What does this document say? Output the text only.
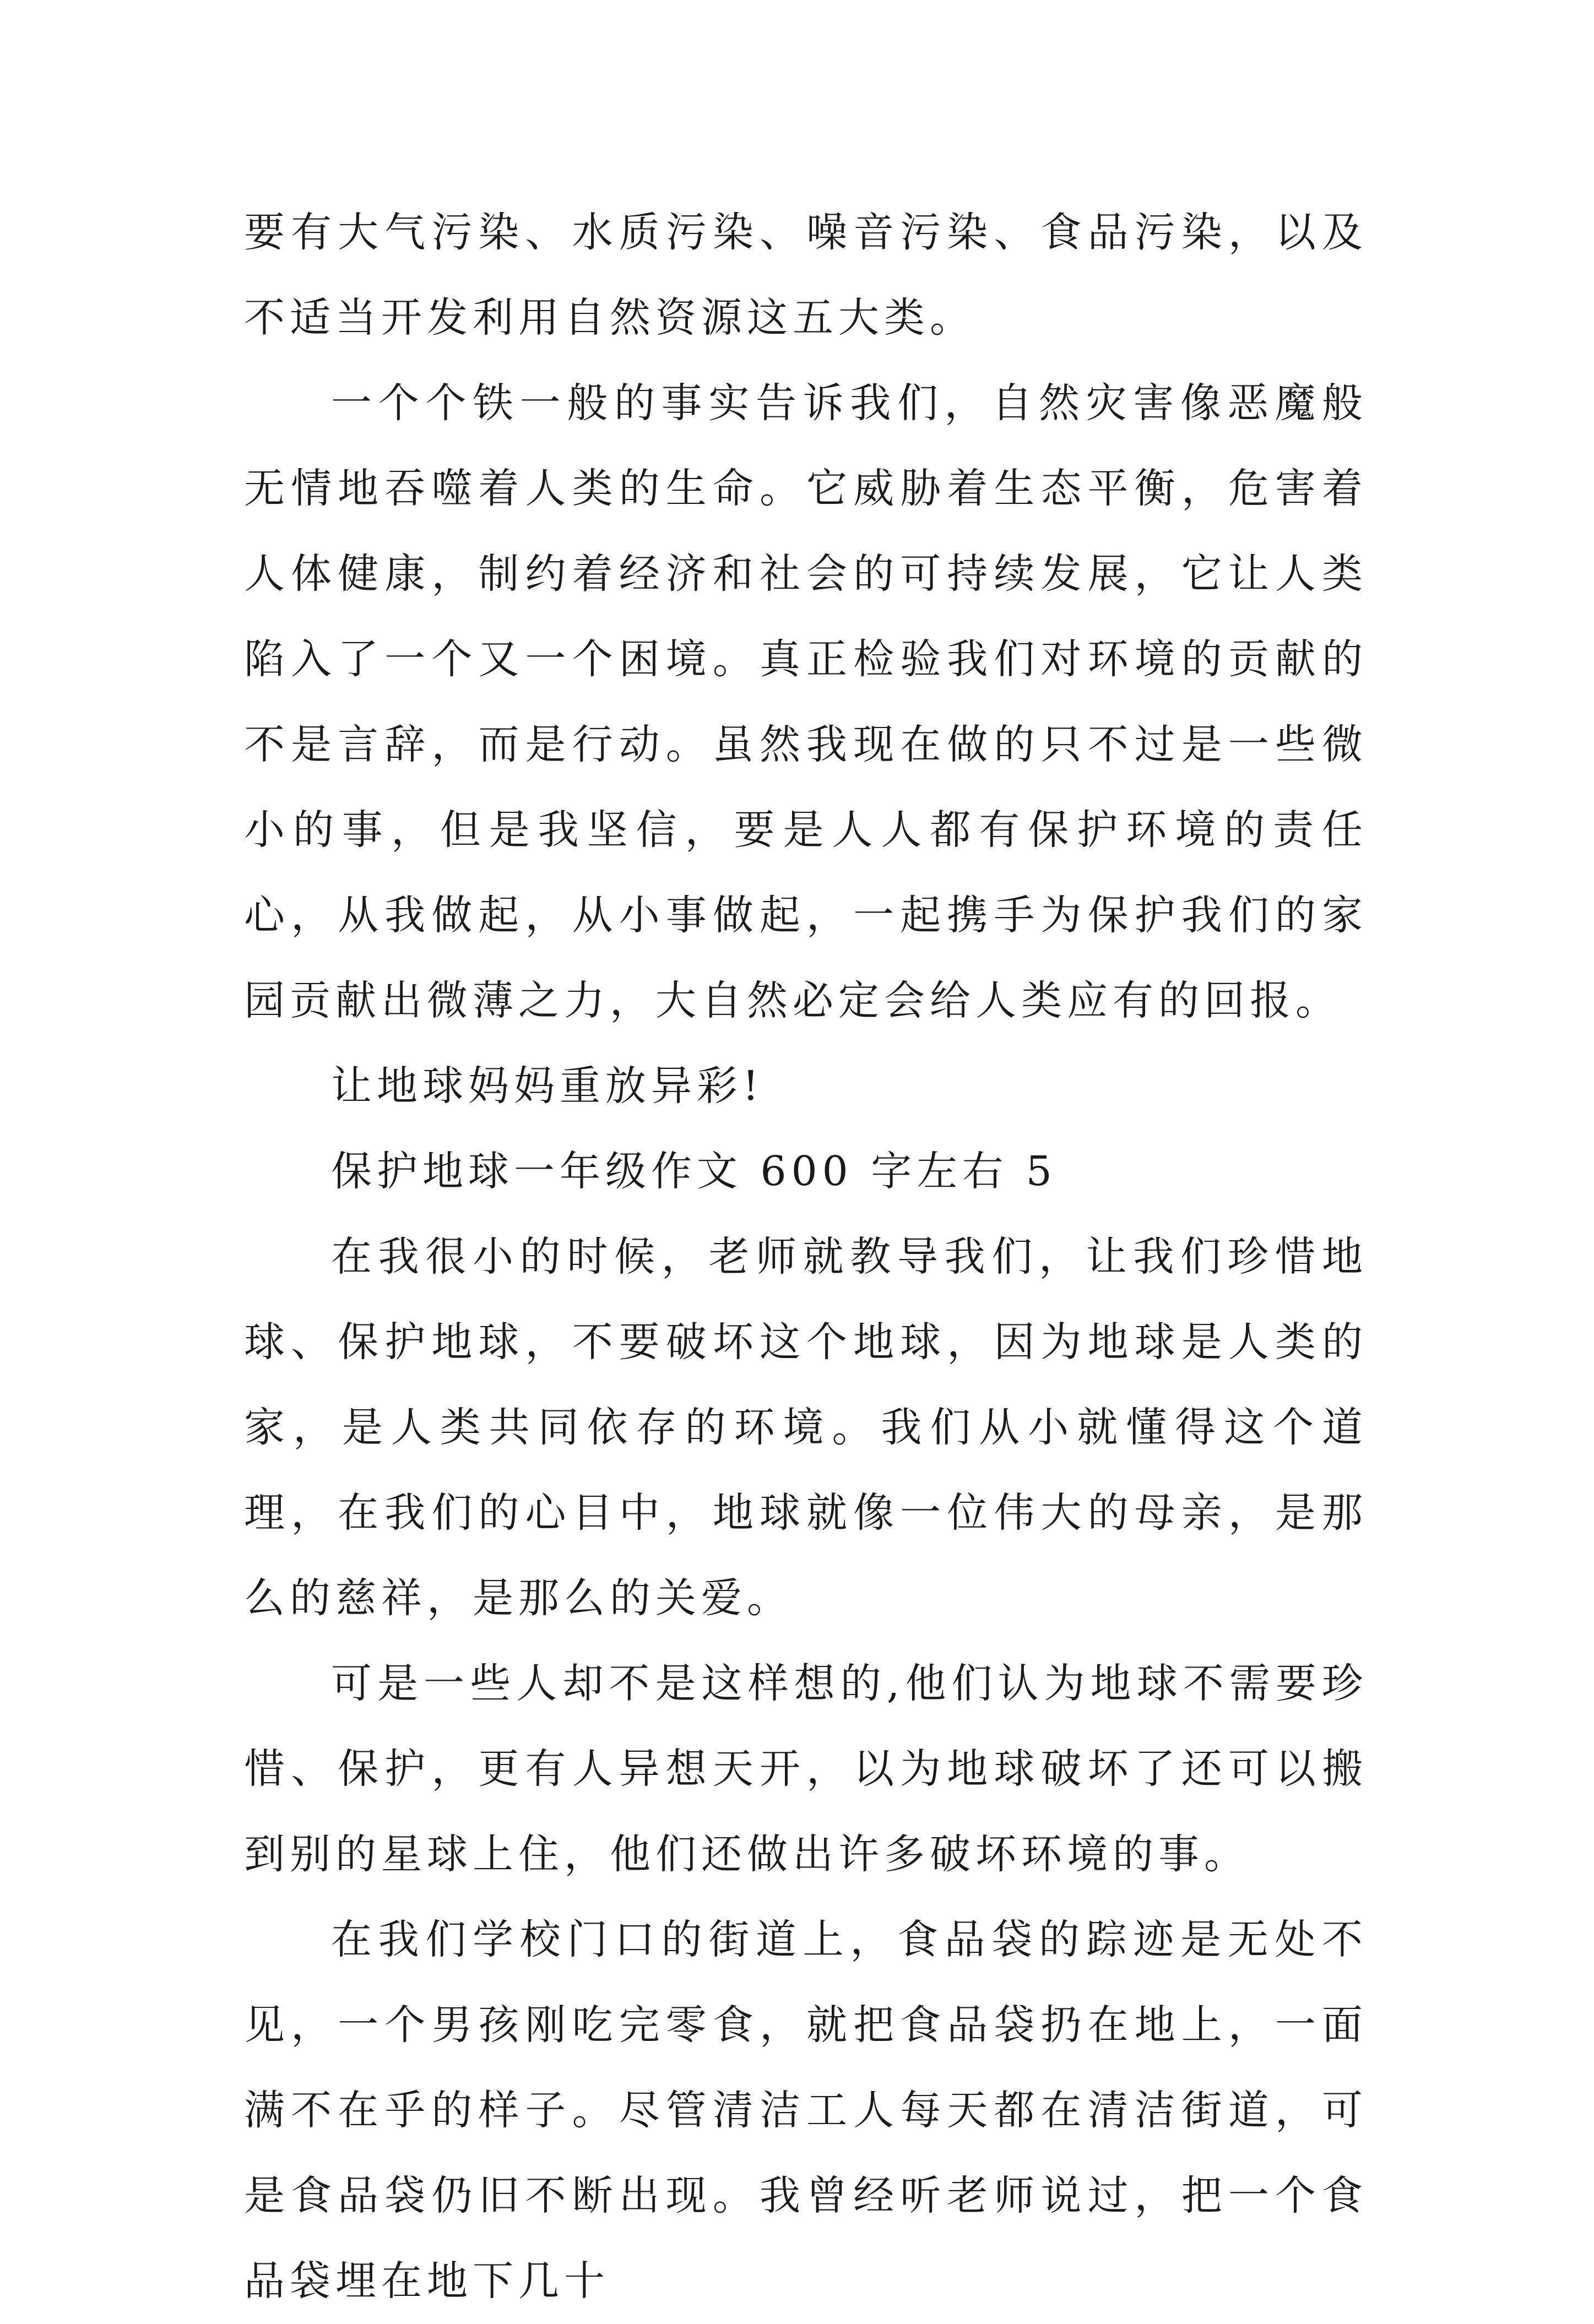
要有大气污染、水质污染、噪音污染、食品污染，以及不适当开发利用自然资源这五大类。

一个个铁一般的事实告诉我们，自然灾害像恶魔般无情地吞噬着人类的生命。它威胁着生态平衡，危害着人体健康，制约着经济和社会的可持续发展，它让人类陷入了一个又一个困境。真正检验我们对环境的贡献的不是言辞，而是行动。虽然我现在做的只不过是一些微小的事，但是我坚信，要是人人都有保护环境的责任心，从我做起，从小事做起，一起携手为保护我们的家园贡献出微薄之力，大自然必定会给人类应有的回报。

让地球妈妈重放异彩!

保护地球一年级作文 600 字左右 5

在我很小的时候，老师就教导我们，让我们珍惜地球、保护地球，不要破坏这个地球，因为地球是人类的家，是人类共同依存的环境。我们从小就懂得这个道理，在我们的心目中，地球就像一位伟大的母亲，是那么的慈祥，是那么的关爱。

可是一些人却不是这样想的,他们认为地球不需要珍惜、保护，更有人异想天开，以为地球破坏了还可以搬到别的星球上住，他们还做出许多破坏环境的事。

在我们学校门口的街道上，食品袋的踪迹是无处不见，一个男孩刚吃完零食，就把食品袋扔在地上，一面满不在乎的样子。尽管清洁工人每天都在清洁街道，可是食品袋仍旧不断出现。我曾经听老师说过，把一个食品袋埋在地下几十
